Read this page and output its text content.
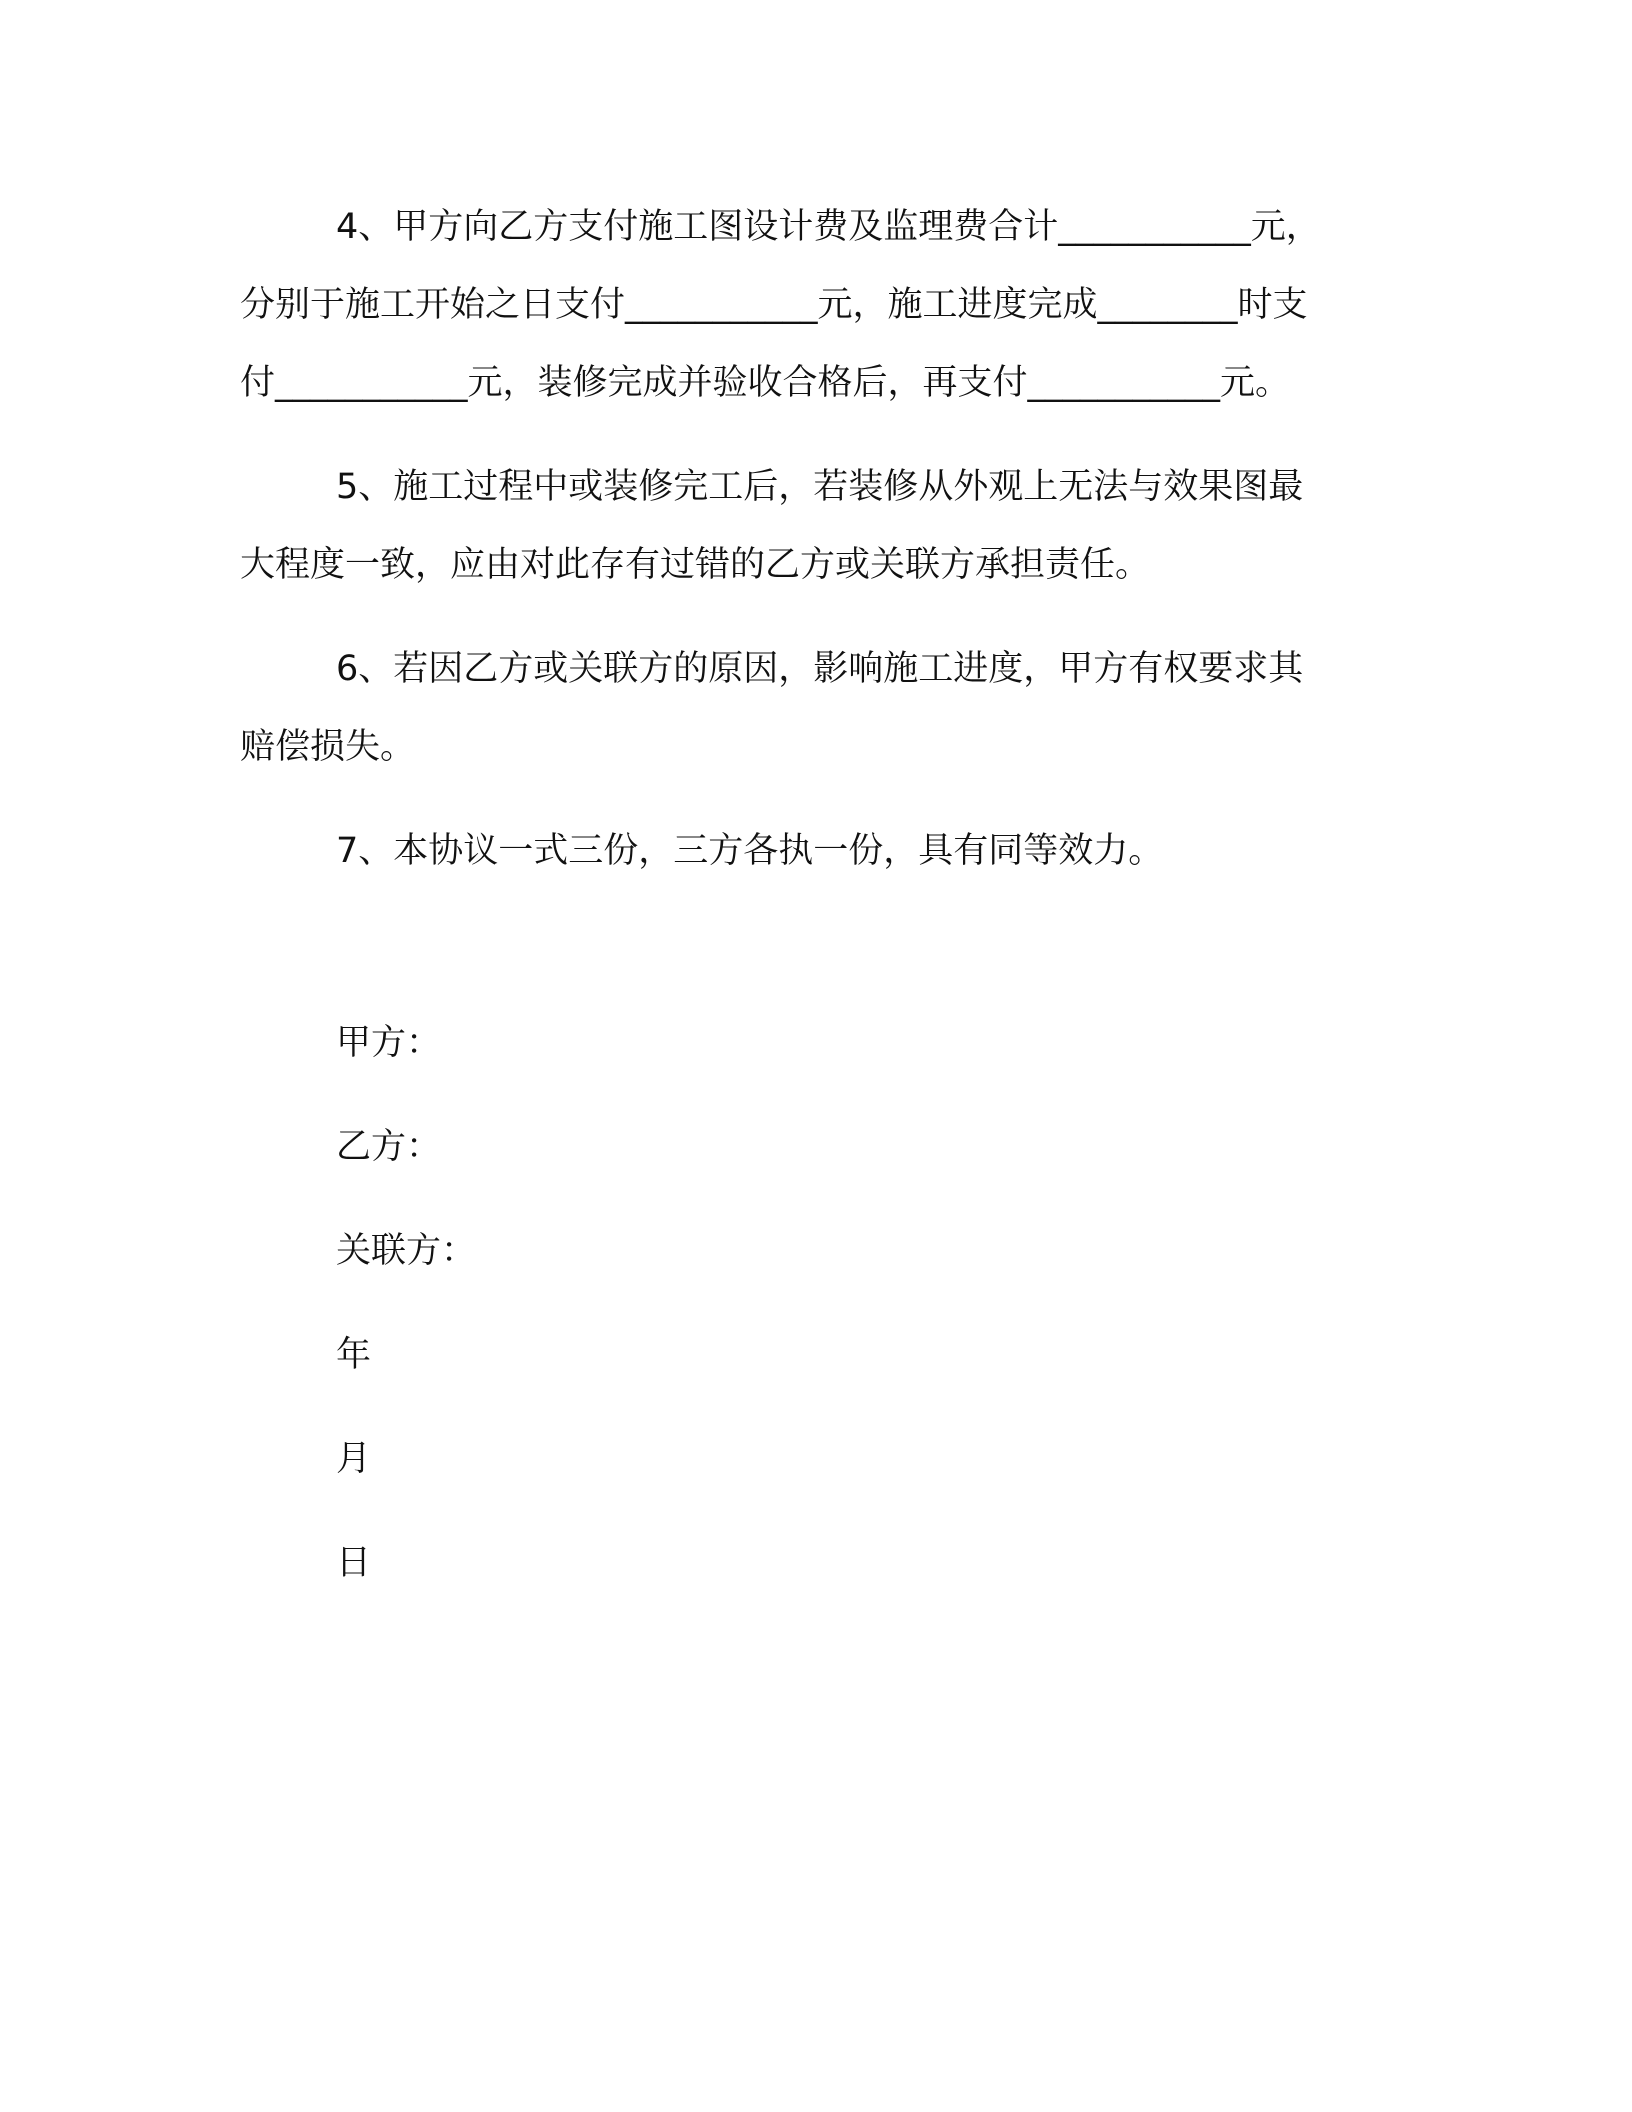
4、甲方向乙方支付施工图设计费及监理费合计___________元，
分别于施工开始之日支付___________元，施工进度完成________时支
付___________元，装修完成并验收合格后，再支付___________元。

5、施工过程中或装修完工后，若装修从外观上无法与效果图最
大程度一致，应由对此存有过错的乙方或关联方承担责任。

6、若因乙方或关联方的原因，影响施工进度，甲方有权要求其
赔偿损失。

7、本协议一式三份，三方各执一份，具有同等效力。

甲方：
乙方：
关联方：
年
月
日
